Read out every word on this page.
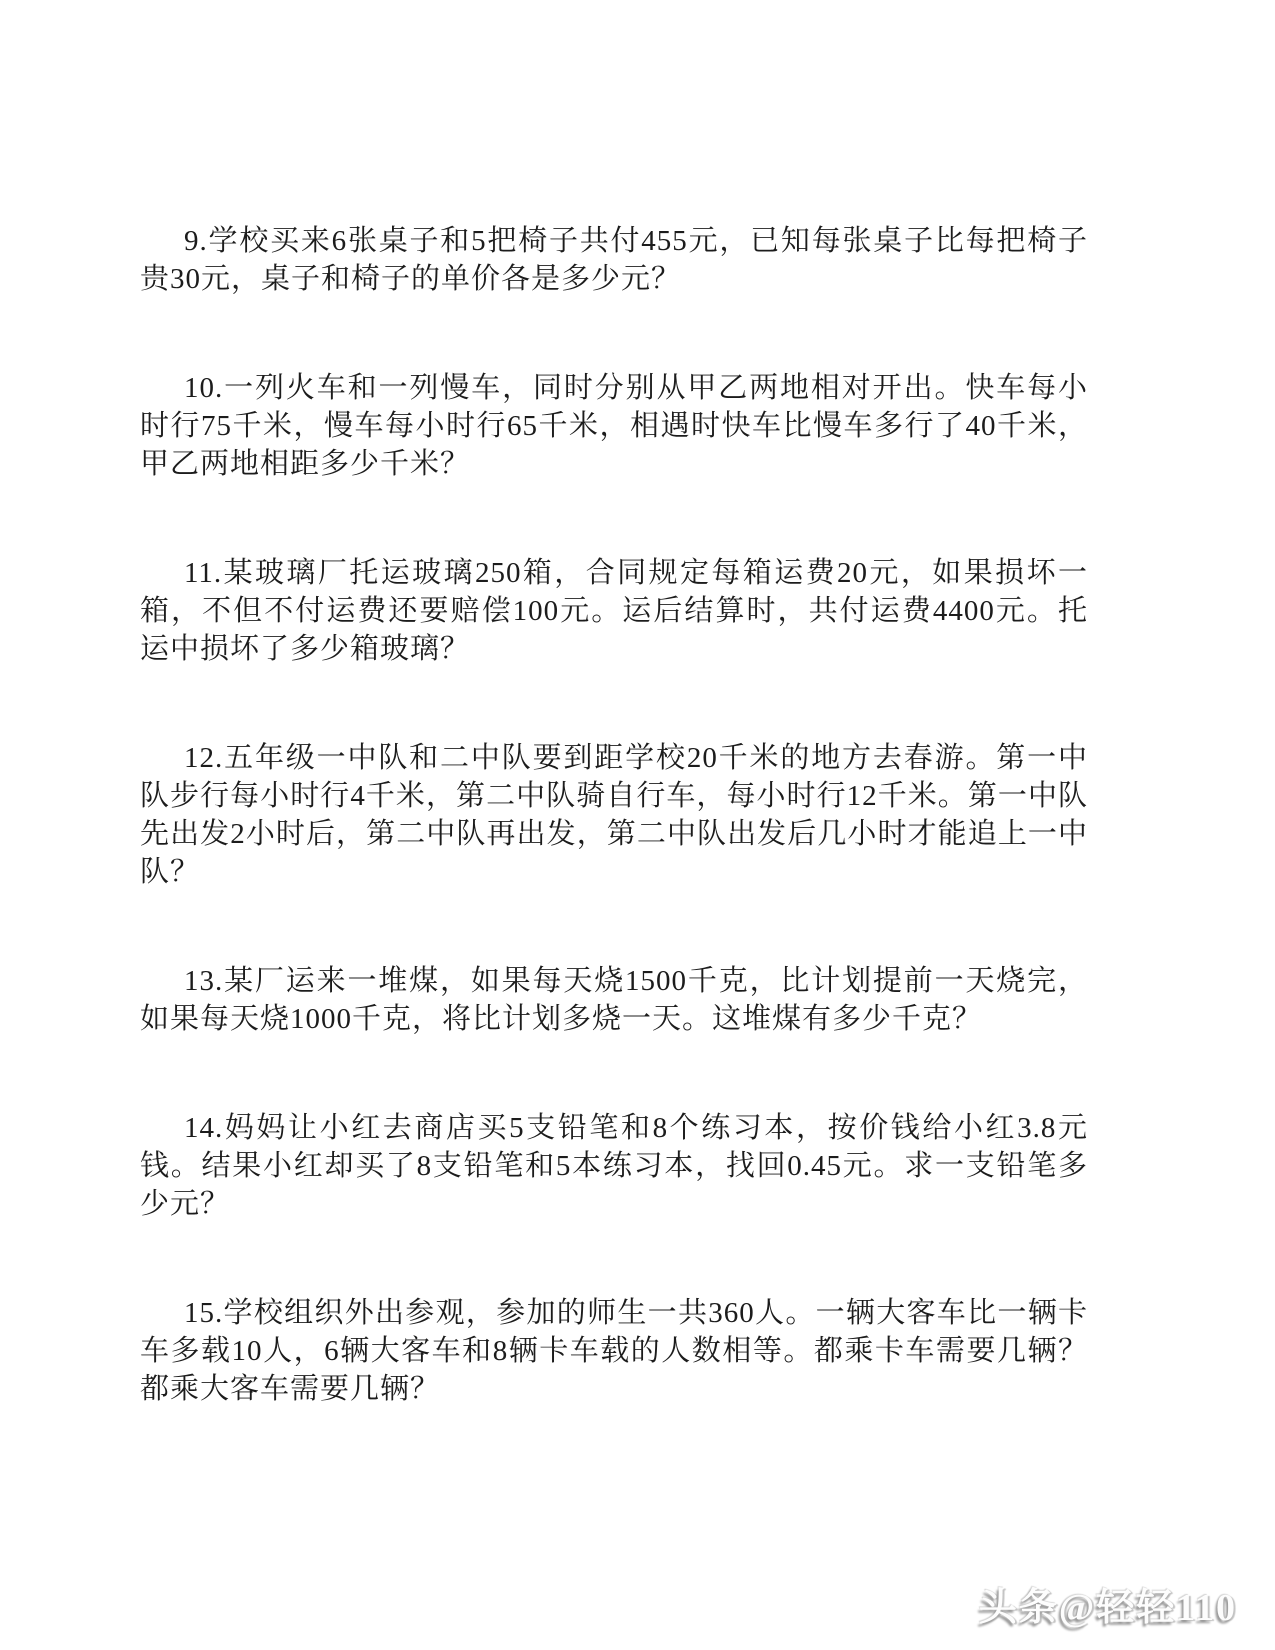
9.学校买来6张桌子和5把椅子共付455元，已知每张桌子比每把椅子贵30元，桌子和椅子的单价各是多少元？

10.一列火车和一列慢车，同时分别从甲乙两地相对开出。快车每小时行75千米，慢车每小时行65千米，相遇时快车比慢车多行了40千米，甲乙两地相距多少千米？

11.某玻璃厂托运玻璃250箱，合同规定每箱运费20元，如果损坏一箱，不但不付运费还要赔偿100元。运后结算时，共付运费4400元。托运中损坏了多少箱玻璃？

12.五年级一中队和二中队要到距学校20千米的地方去春游。第一中队步行每小时行4千米，第二中队骑自行车，每小时行12千米。第一中队先出发2小时后，第二中队再出发，第二中队出发后几小时才能追上一中队？

13.某厂运来一堆煤，如果每天烧1500千克，比计划提前一天烧完，如果每天烧1000千克，将比计划多烧一天。这堆煤有多少千克？

14.妈妈让小红去商店买5支铅笔和8个练习本，按价钱给小红3.8元钱。结果小红却买了8支铅笔和5本练习本，找回0.45元。求一支铅笔多少元？

15.学校组织外出参观，参加的师生一共360人。一辆大客车比一辆卡车多载10人，6辆大客车和8辆卡车载的人数相等。都乘卡车需要几辆？都乘大客车需要几辆？

头条@轻轻110
